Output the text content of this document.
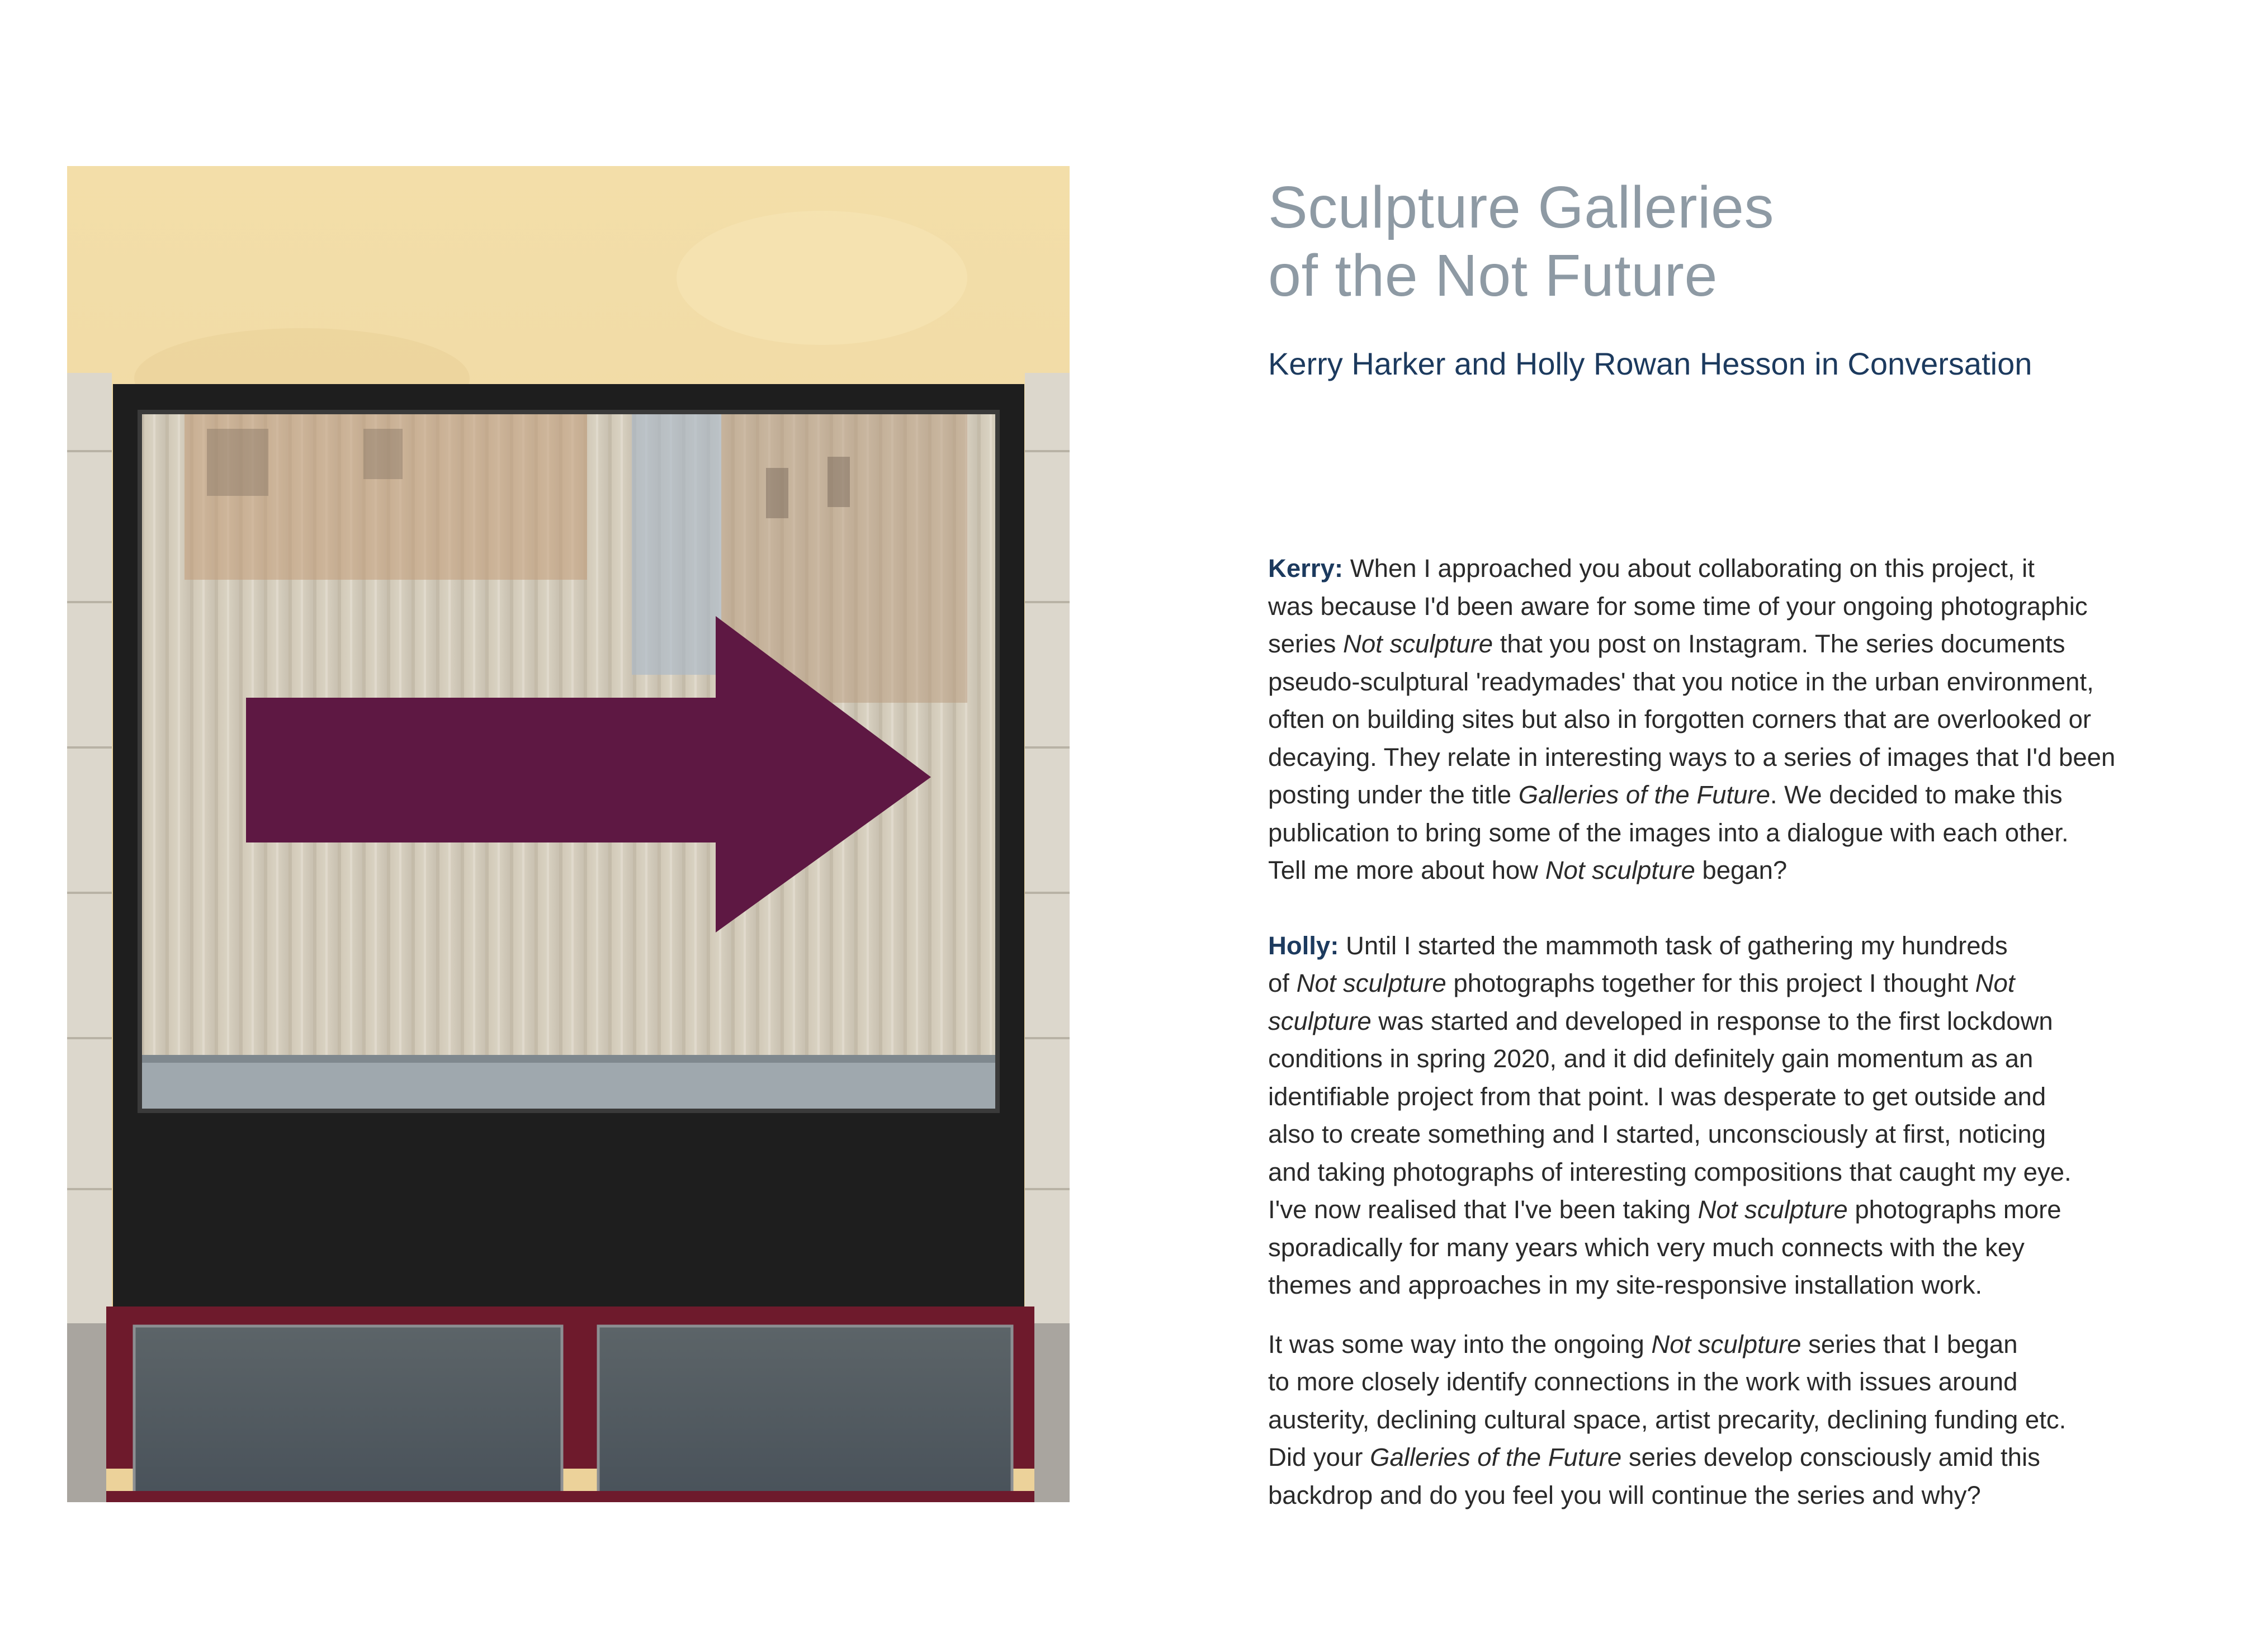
Sculpture Galleries
of the Not Future
Kerry Harker and Holly Rowan Hesson in Conversation

Kerry: When I approached you about collaborating on this project, it
was because I'd been aware for some time of your ongoing photographic
series Not sculpture that you post on Instagram. The series documents
pseudo-sculptural 'readymades' that you notice in the urban environment,
often on building sites but also in forgotten corners that are overlooked or
decaying. They relate in interesting ways to a series of images that I'd been
posting under the title Galleries of the Future. We decided to make this
publication to bring some of the images into a dialogue with each other.
Tell me more about how Not sculpture began?

Holly: Until I started the mammoth task of gathering my hundreds
of Not sculpture photographs together for this project I thought Not
sculpture was started and developed in response to the first lockdown
conditions in spring 2020, and it did definitely gain momentum as an
identifiable project from that point. I was desperate to get outside and
also to create something and I started, unconsciously at first, noticing
and taking photographs of interesting compositions that caught my eye.
I've now realised that I've been taking Not sculpture photographs more
sporadically for many years which very much connects with the key
themes and approaches in my site-responsive installation work.

It was some way into the ongoing Not sculpture series that I began
to more closely identify connections in the work with issues around
austerity, declining cultural space, artist precarity, declining funding etc.
Did your Galleries of the Future series develop consciously amid this
backdrop and do you feel you will continue the series and why?
